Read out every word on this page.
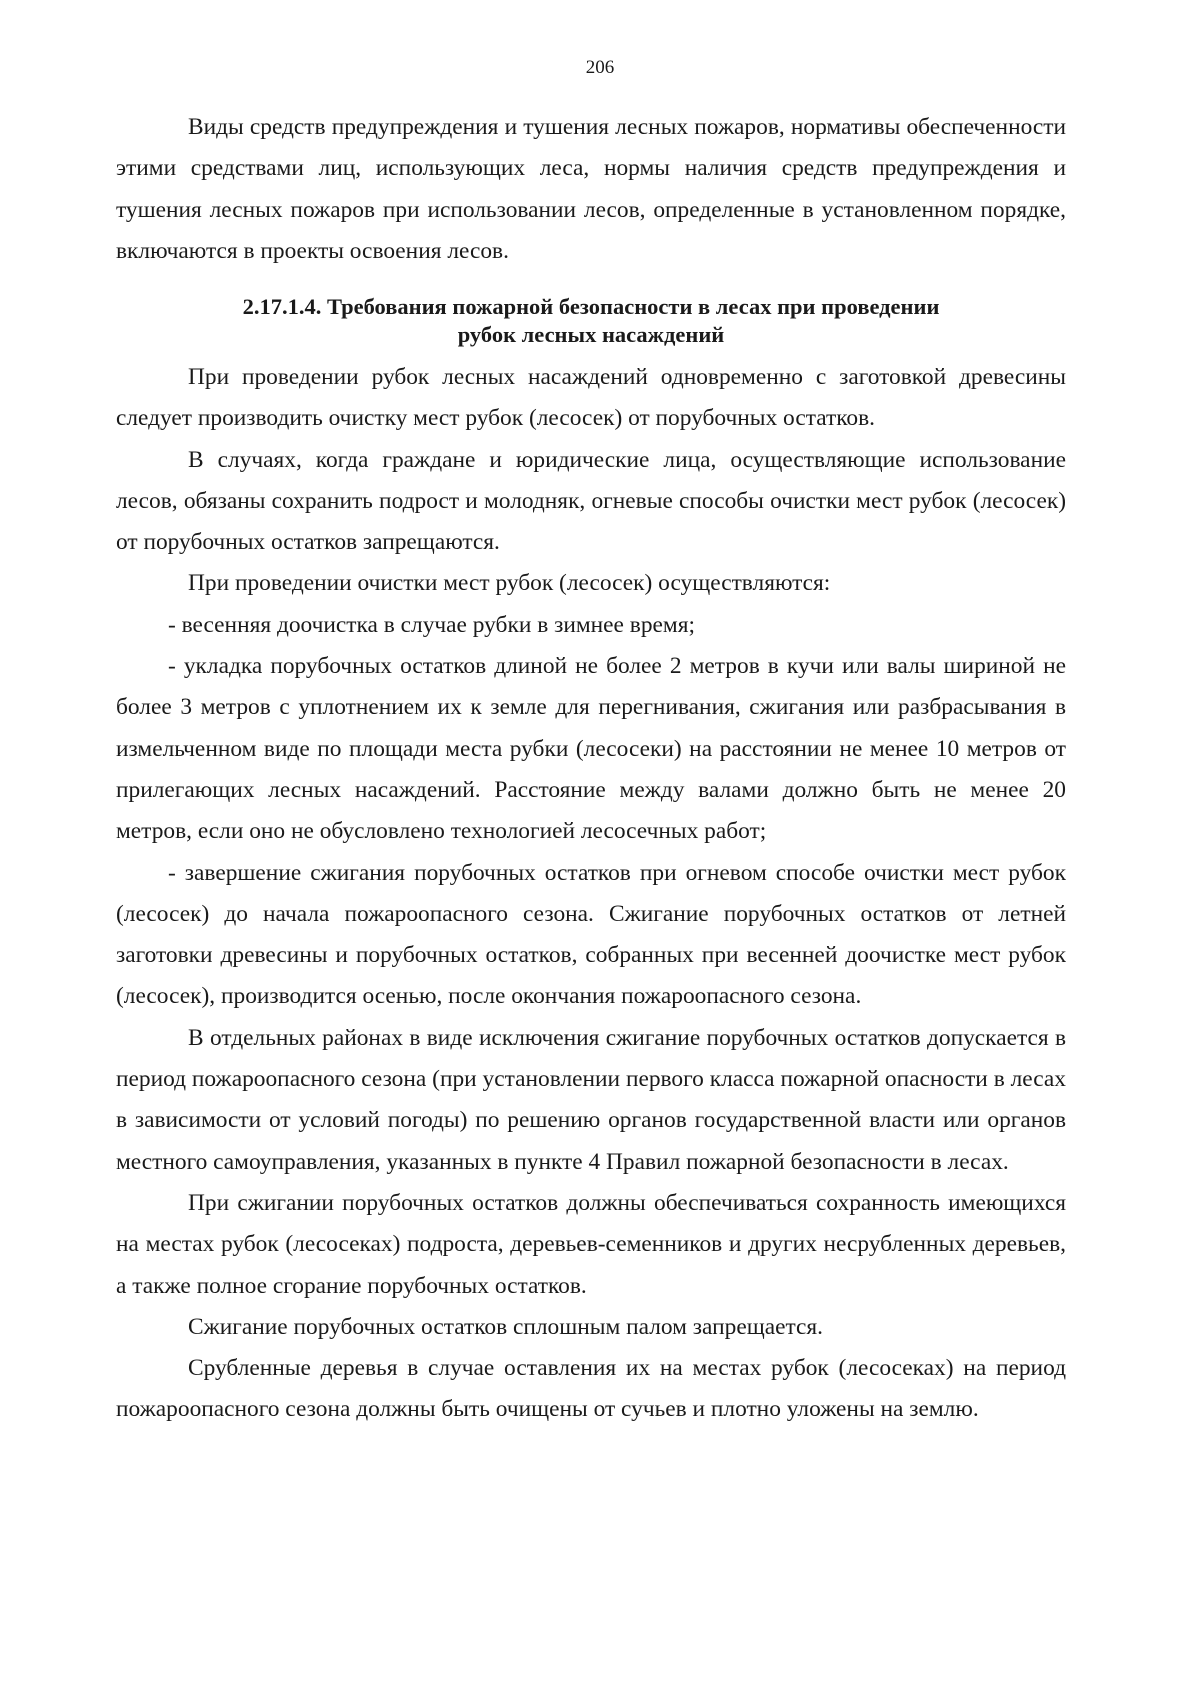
206

Виды средств предупреждения и тушения лесных пожаров, нормативы обеспеченности этими средствами лиц, использующих леса, нормы наличия средств предупреждения и тушения лесных пожаров при использовании лесов, определенные в установленном порядке, включаются в проекты освоения лесов.

2.17.1.4. Требования пожарной безопасности в лесах при проведении
рубок лесных насаждений

При проведении рубок лесных насаждений одновременно с заготовкой древесины следует производить очистку мест рубок (лесосек) от порубочных остатков.

В случаях, когда граждане и юридические лица, осуществляющие использование лесов, обязаны сохранить подрост и молодняк, огневые способы очистки мест рубок (лесосек) от порубочных остатков запрещаются.

При проведении очистки мест рубок (лесосек) осуществляются:

- весенняя доочистка в случае рубки в зимнее время;

- укладка порубочных остатков длиной не более 2 метров в кучи или валы шириной не более 3 метров с уплотнением их к земле для перегнивания, сжигания или разбрасывания в измельченном виде по площади места рубки (лесосеки) на расстоянии не менее 10 метров от прилегающих лесных насаждений. Расстояние между валами должно быть не менее 20 метров, если оно не обусловлено технологией лесосечных работ;

- завершение сжигания порубочных остатков при огневом способе очистки мест рубок (лесосек) до начала пожароопасного сезона. Сжигание порубочных остатков от летней заготовки древесины и порубочных остатков, собранных при весенней доочистке мест рубок (лесосек), производится осенью, после окончания пожароопасного сезона.

В отдельных районах в виде исключения сжигание порубочных остатков допускается в период пожароопасного сезона (при установлении первого класса пожарной опасности в лесах в зависимости от условий погоды) по решению органов государственной власти или органов местного самоуправления, указанных в пункте 4 Правил пожарной безопасности в лесах.

При сжигании порубочных остатков должны обеспечиваться сохранность имеющихся на местах рубок (лесосеках) подроста, деревьев-семенников и других несрубленных деревьев, а также полное сгорание порубочных остатков.

Сжигание порубочных остатков сплошным палом запрещается.

Срубленные деревья в случае оставления их на местах рубок (лесосеках) на период пожароопасного сезона должны быть очищены от сучьев и плотно уложены на землю.
